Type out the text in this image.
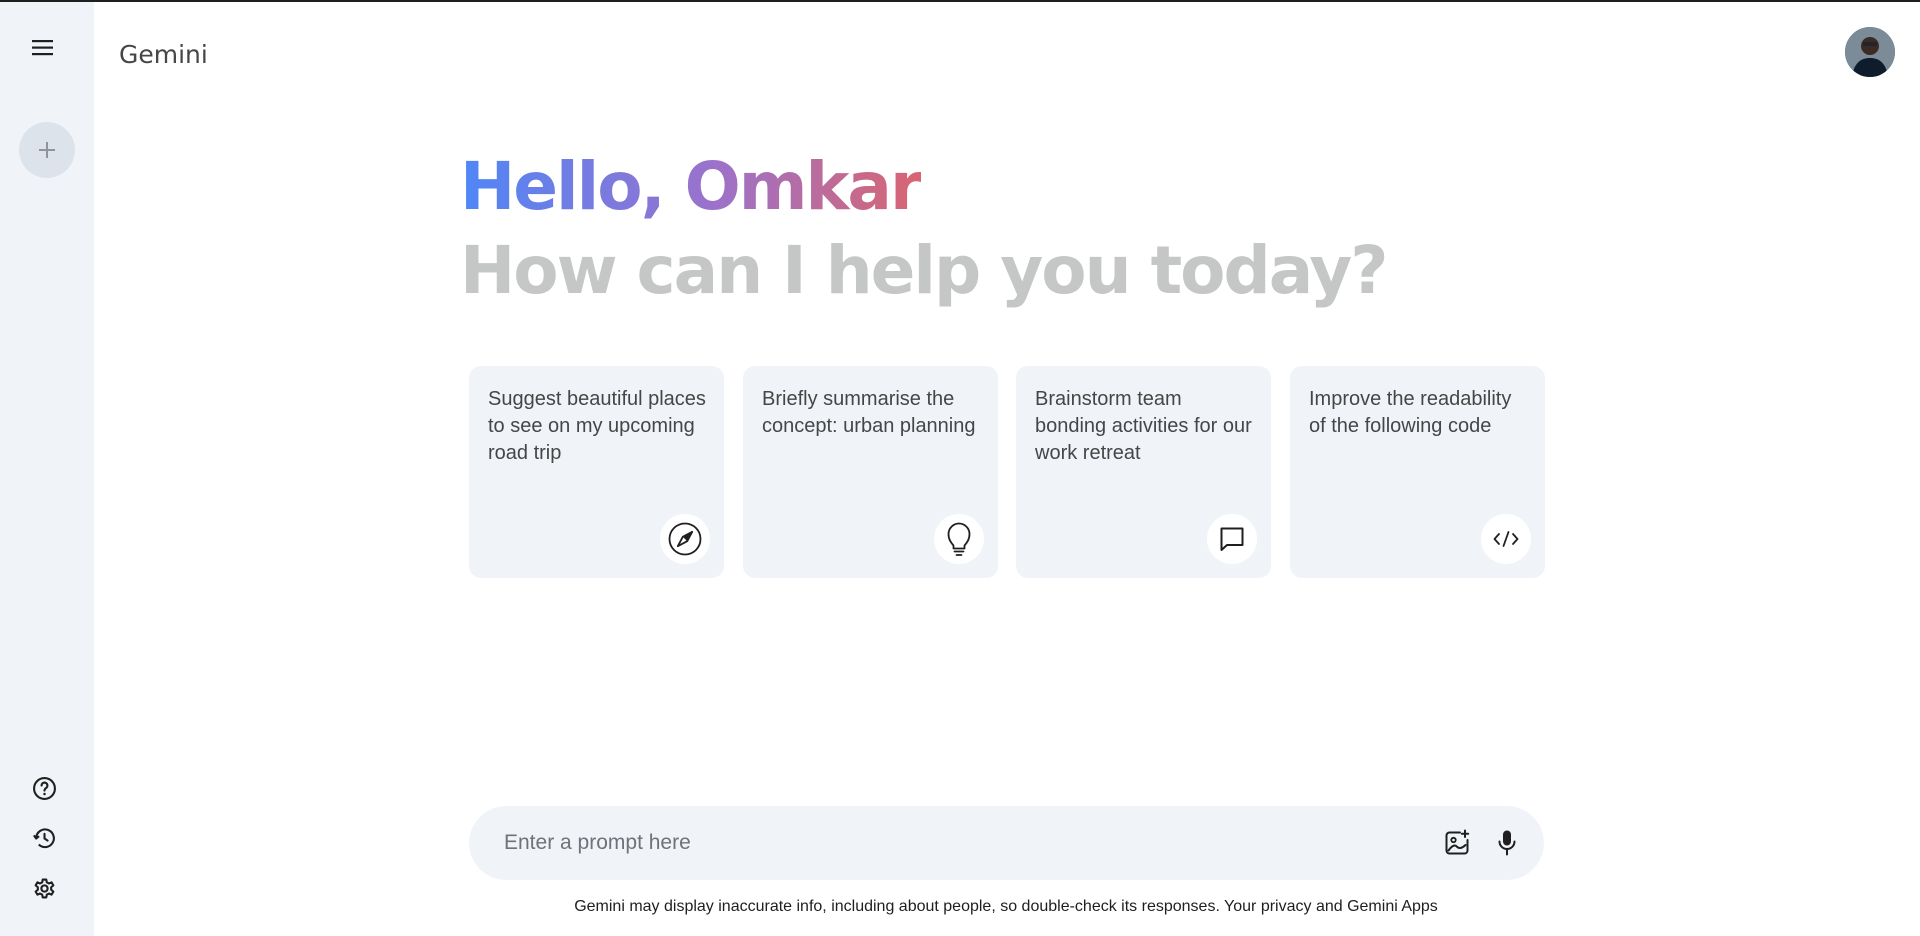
Gemini
Hello, Omkar
How can I help you today?
Suggest beautiful places to see on my upcoming road trip
Briefly summarise the concept: urban planning
Brainstorm team bonding activities for our work retreat
Improve the readability of the following code
Enter a prompt here
Gemini may display inaccurate info, including about people, so double-check its responses. Your privacy and Gemini Apps
